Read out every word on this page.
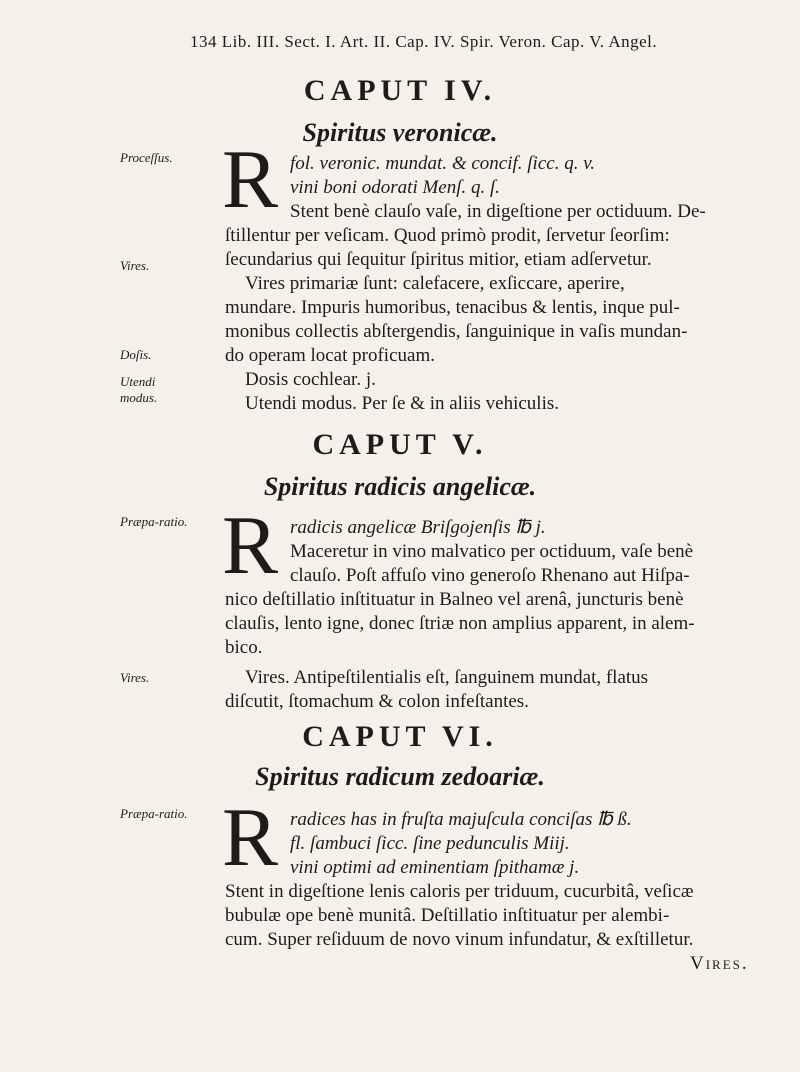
134 Lib. III. Sect. I. Art. II. Cap. IV. Spir. Veron. Cap. V. Angel.
CAPUT IV.
Spiritus veronicæ.
Proceſſus.
Vires.
Doſis.
Utendi modus.
R fol. veronic. mundat. & concif. ſicc. q. v.
vini boni odorati Menſ. q. ſ.
Stent benè clauſo vaſe, in digeſtione per octiduum. De-
ſtillentur per veſicam. Quod primò prodit, ſervetur ſeorſim:
ſecundarius qui ſequitur ſpiritus mitior, etiam adſervetur.
Vires primariæ ſunt: calefacere, exſiccare, aperire,
mundare. Impuris humoribus, tenacibus & lentis, inque pul-
monibus collectis abſtergendis, ſanguinique in vaſis mundan-
do operam locat proficuam.
Dosis cochlear. j.
Utendi modus. Per ſe & in aliis vehiculis.
CAPUT V.
Spiritus radicis angelicæ.
Præpa-ratio.
Vires.
R radicis angelicæ Briſgojenſis ℔ j.
Maceretur in vino malvatico per octiduum, vaſe benè
clauſo. Poſt affuſo vino generoſo Rhenano aut Hiſpa-
nico deſtillatio inſtituatur in Balneo vel arenâ, juncturis benè
clauſis, lento igne, donec ſtriæ non amplius apparent, in alem-
bico.
Vires. Antipeſtilentialis eſt, ſanguinem mundat, flatus
diſcutit, ſtomachum & colon infeſtantes.
CAPUT VI.
Spiritus radicum zedoariæ.
Præpa-ratio. R radices has in fruſta majuſcula conciſas ℔ ß.
fl. ſambuci ſicc. ſine pedunculis Miij.
vini optimi ad eminentiam ſpithamæ j.
Stent in digeſtione lenis caloris per triduum, cucurbitâ, veſicæ
bubulæ ope benè munitâ. Deſtillatio inſtituatur per alembi-
cum. Super reſiduum de novo vinum infundatur, & exſtilletur.
Vires.
